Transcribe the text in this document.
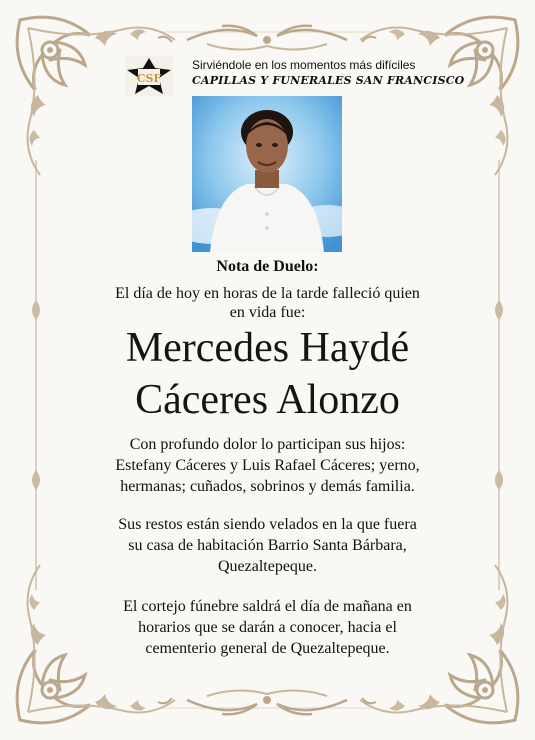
CSF
Sirviéndole en los momentos más difíciles
CAPILLAS Y FUNERALES SAN FRANCISCO
Nota de Duelo:
El día de hoy en horas de la tarde falleció quien
en vida fue:
Mercedes Haydé
Cáceres Alonzo
Con profundo dolor lo participan sus hijos:
Estefany Cáceres y Luis Rafael Cáceres; yerno,
hermanas; cuñados, sobrinos y demás familia.
Sus restos están siendo velados en la que fuera
su casa de habitación Barrio Santa Bárbara,
Quezaltepeque.
El cortejo fúnebre saldrá el día de mañana en
horarios que se darán a conocer, hacia el
cementerio general de Quezaltepeque.
